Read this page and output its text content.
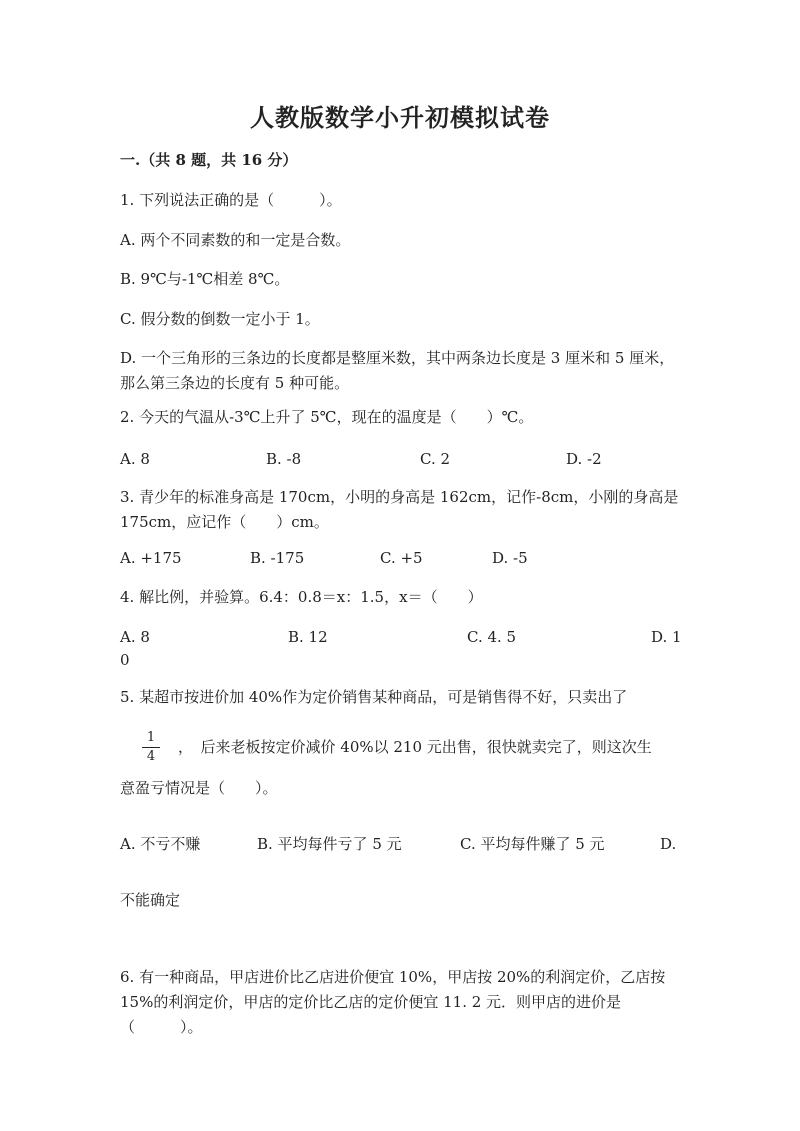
人教版数学小升初模拟试卷
一.（共 8 题，共 16 分）
1. 下列说法正确的是（　　　）。
A. 两个不同素数的和一定是合数。
B. 9℃与-1℃相差 8℃。
C. 假分数的倒数一定小于 1。
D. 一个三角形的三条边的长度都是整厘米数，其中两条边长度是 3 厘米和 5 厘米，那么第三条边的长度有 5 种可能。
2. 今天的气温从-3℃上升了 5℃，现在的温度是（　　）℃。
A. 8	B. -8	C. 2	D. -2
3. 青少年的标准身高是 170cm，小明的身高是 162cm，记作-8cm，小刚的身高是 175cm，应记作（　　）cm。
A. +175	B. -175	C. +5	D. -5
4. 解比例，并验算。6.4：0.8＝x：1.5，x＝（　　）
A. 8	B. 12	C. 4. 5	D. 1
0
5. 某超市按进价加 40%作为定价销售某种商品，可是销售得不好，只卖出了
1
4
，　后来老板按定价减价 40%以 210 元出售，很快就卖完了，则这次生
意盈亏情况是（　　）。
A. 不亏不赚	B. 平均每件亏了 5 元	C. 平均每件赚了 5 元	D.
不能确定
6. 有一种商品，甲店进价比乙店进价便宜 10%，甲店按 20%的利润定价，乙店按 15%的利润定价，甲店的定价比乙店的定价便宜 11. 2 元．则甲店的进价是（　　　）。
